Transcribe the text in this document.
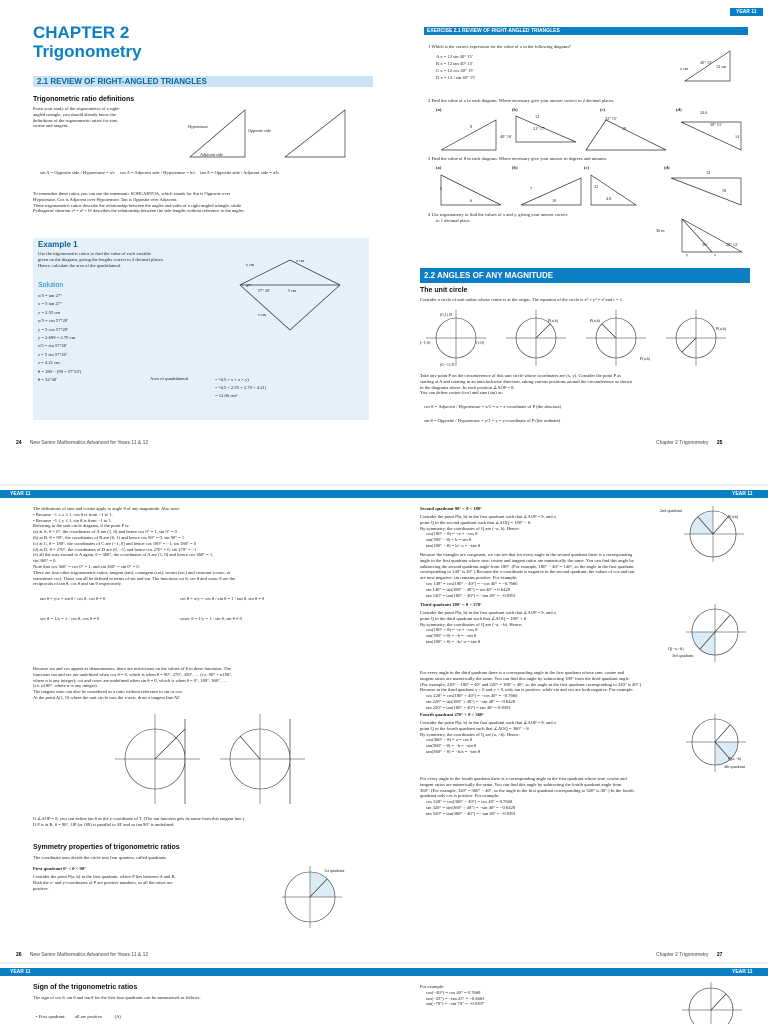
YEAR 11
CHAPTER 2
Trigonometry
2.1 REVIEW OF RIGHT-ANGLED TRIANGLES
Trigonometric ratio definitions
From your study of the trigonometry of a right-
angled triangle, you should already know the
definitions of the trigonometric ratios for sine,
cosine and tangent.	Hypotenuse
Opposite side
Adjacent side
sin A = Opposite side / Hypotenuse = a/c cos A = Adjacent side / Hypotenuse = b/c tan A = Opposite side / Adjacent side = a/b
To remember these ratios you can use the mnemonic SOHCAHTOA, which stands for Sin is Opposite over
Hypotenuse, Cos is Adjacent over Hypotenuse, Tan is Opposite over Adjacent.
These trigonometric ratios describe the relationship between the angles and sides of a right-angled triangle, while
Pythagoras' theorem c² = a² + b² describes the relationship between the side lengths without reference to the angles.
Example 1
Use the trigonometric ratios to find the value of each variable
given on the diagram, giving the lengths correct to 2 decimal places.
Hence, calculate the area of the quadrilateral.	y cm
z cm
27°
57° 20'	5 cm
x cm
Solution
x/5 = tan 27°
x = 5 tan 27°
x = 2.55 cm
y/5 = cos 57°20'
y = 5 cos 57°20'
y = 2.699 = 2.70 cm
z/5 = sin 57°20'
z = 5 sin 57°20'
z = 4.21 cm
θ = 180 − (90 + 57°20')
θ = 32°40'	Area of quadrilateral	= ½(5 × x + z × y)
= ½(5 × 2.55 + 2.70 × 4.21)
= 12.06 cm²
EXERCISE 2.1 REVIEW OF RIGHT-ANGLED TRIANGLES
1 Which is the correct expression for the value of x in the following diagram?
A x = 12 sin 40° 15'
B x = 12 tan 40° 15'
C x = 12 cos 40° 15'
D x = 12 / sin 40° 15'
x cm
40° 15'
12 cm
2 Find the value of x to each diagram. Where necessary give your answer correct to 2 decimal places.
(a)	(b)	(c)	(d)
8
12
21° 17'
40° 16'
32° 15'
18
24.6
38° 51'
14
3 Find the value of θ in each diagram. Where necessary give your answer in degrees and minutes.
(a)	(b)	(c)	(d)
5
6
7
10
32
4.8
12
18
4 Use trigonometry to find the values of x and y, giving your answer correct
to 1 decimal place.
36 m
36°	20° 12'
y	x
2.2 ANGLES OF ANY MAGNITUDE
The unit circle
Consider a circle of unit radius whose centre is at the origin. The equation of the circle is x² + y² = r² and r = 1.
(0,1) B
(−1,0)	(1,0)
(0,−1) D
P(a,b)	P(a,b)
P(a,b)
P(a,b)
Take any point P on the circumference of this unit circle whose coordinates are (x, y). Consider the point P as
starting at A and rotating in an anticlockwise direction, taking various positions around the circumference as shown
in the diagrams above. In each position ∠XOP = θ.
You can define cosine (cos) and sine (sin) as:
cos θ = Adjacent / Hypotenuse = x/1 = x = x-coordinate of P (the abscissa)
sin θ = Opposite / Hypotenuse = y/1 = y = y-coordinate of P (the ordinate)
24 New Senior Mathematics Advanced for Years 11 & 12	Chapter 2 Trigonometry 25
YEAR 11	YEAR 11
The definitions of sine and cosine apply to angle θ of any magnitude. Also note:
• Because −1 ≤ x ≤ 1, cos θ is from −1 to 1.
• Because −1 ≤ y ≤ 1, sin θ is from −1 to 1.
Referring to the unit circle diagram, if the point P is:
(a) at A, θ = 0°, the coordinates of A are (1, 0) and hence cos 0° = 1, sin 0° = 0
(b) at B, θ = 90°, the coordinates of B are (0, 1) and hence cos 90° = 0, sin 90° = 1
(c) at C, θ = 180°, the coordinates of C are (−1, 0) and hence cos 180° = −1, sin 180° = 0
(d) at D, θ = 270°, the coordinates of D are (0, −1) and hence cos 270° = 0, sin 270° = −1
(e) all the way around to A again, θ = 360°, the coordinates of A are (1, 0) and hence cos 360° = 1,
sin 360° = 0.
Note that cos 360° = cos 0° = 1, and sin 360° = sin 0° = 0.
There are four other trigonometric ratios: tangent (tan), cotangent (cot), secant (sec) and cosecant (cosec, or
sometimes csc). These can all be defined in terms of sin and sin. The functions cot θ, sec θ and cosec θ are the
reciprocals of tan θ, cos θ and sin θ respectively.
tan θ = y/x = sin θ / cos θ, cos θ ≠ 0	cot θ = x/y = cos θ / sin θ = 1 / tan θ, sin θ ≠ 0
sec θ = 1/x = 1 / cos θ, cos θ ≠ 0	cosec θ = 1/y = 1 / sin θ, sin θ ≠ 0
Because sin and cos appear as denominators, there are restrictions on the values of θ in these functions. The
functions tan and sec are undefined when cos θ = 0, which is when θ = 90°, 270°, 450°, … (i.e. 90° + n180°,
where n is any integer); cot and cosec are undefined when sin θ = 0, which is when θ = 0°, 180°, 360°, …
(i.e. n180°, where n is any integer).
The tangent ratio can also be considered as a ratio without reference to sin or cos.
At the point A(1, 0) where the unit circle cuts the x-axis, draw a tangent line AT.
If ∠AOP = θ, you can define tan θ as the y-coordinate of T. (The tan function gets its name from this tangent line.)
If P is at B, θ = 90°, OP (or OB) is parallel to AT and so tan 90° is undefined.
Symmetry properties of trigonometric ratios
The coordinate axes divide the circle into four quarters, called quadrants.
First quadrant 0° < θ < 90°
Consider the point P(a, b) in the first quadrant, where P lies between A and B.
Both the x- and y-coordinates of P are positive numbers, so all the ratios are
positive.
1st quadrant
Second quadrant 90° < θ < 180°
Consider the point P(a, b) in the first quadrant such that ∠AOP = θ, and a
point Q in the second quadrant such that ∠AOQ = 180° − θ.
By symmetry, the coordinates of Q are (−a, b). Hence:
cos(180° − θ) = −a = −cos θ
sin(180° − θ) = b = sin θ
tan(180° − θ) = b/−a = −tan θ
2nd quadrant
P(a,b)
Because the triangles are congruent, we can see that for every angle in the second quadrant there is a corresponding
angle in the first quadrant whose sine, cosine and tangent ratios are numerically the same. You can find this angle by
subtracting the second quadrant angle from 180°. (For example, 180° − 40° = 140°, so the angle in the first quadrant
corresponding to 140° is 40°.) Because the x-coordinate is negative in the second quadrant, the values of cos and tan
are now negative; sin remains positive. For example:
cos 140° = cos(180° − 40°) = −cos 40° = −0.7660
sin 140° = sin(180° − 40°) = sin 40° = 0.6428
tan 140° = tan(180° − 40°) = −tan 40° = −0.8391
Third quadrant 180° < θ < 270°
Consider the point P(a, b) in the first quadrant such that ∠AOP = θ, and a
point Q in the third quadrant such that ∠AOQ = 180° + θ.
By symmetry, the coordinates of Q are (−a, −b). Hence:
cos(180° + θ) = −a = −cos θ
sin(180° + θ) = −b = −sin θ
tan(180° + θ) = −b/−a = tan θ
Q(−a,−b)
3rd quadrant
For every angle in the third quadrant there is a corresponding angle in the first quadrant whose sine, cosine and
tangent ratios are numerically the same. You can find this angle by subtracting 180° from the third quadrant angle.
(For example, 220° − 180° = 40° and 220° = 180° + 40°, so the angle in the first quadrant corresponding to 220° is 40°.)
Because in the third quadrant x < 0 and y < 0, only tan is positive, while sin and cos are both negative. For example:
cos 220° = cos(180° + 40°) = −cos 40° = −0.7660
sin 220° = sin(180° + 40°) = −sin 40° = −0.6428
tan 220° = tan(180° + 40°) = tan 40° = 0.8391
Fourth quadrant 270° < θ < 360°
Consider the point P(a, b) in the first quadrant such that ∠AOP = θ, and a
point Q in the fourth quadrant such that ∠AOQ = 360° − θ.
By symmetry, the coordinates of Q are (a, −b). Hence:
cos(360° − θ) = a = cos θ
sin(360° − θ) = −b = −sin θ
tan(360° − θ) = −b/a = −tan θ
Q(a,−b)
4th quadrant
For every angle in the fourth quadrant there is a corresponding angle in the first quadrant whose sine, cosine and
tangent ratios are numerically the same. You can find this angle by subtracting the fourth quadrant angle from
360°. (For example, 320° = 360° − 40°, so the angle in the first quadrant corresponding to 320° is 40°.) In the fourth
quadrant only cos is positive. For example:
cos 320° = cos(360° − 40°) = cos 40° = 0.7660
sin 320° = sin(360° − 40°) = −sin 40° = −0.6428
tan 320° = tan(360° − 40°) = −tan 40° = −0.8391
26 New Senior Mathematics Advanced for Years 11 & 12	Chapter 2 Trigonometry 27
YEAR 11	YEAR 11
Sign of the trigonometric ratios
The sign of cos θ, sin θ and tan θ for the first four quadrants can be summarised as follows:
• First quadrant: all are positive	(A)
For example:
cos(−40°) = cos 40° = 0.7660
tan(−25°) = −tan 25° = −0.4663
sin(−70°) = −sin 70° = −0.9397
